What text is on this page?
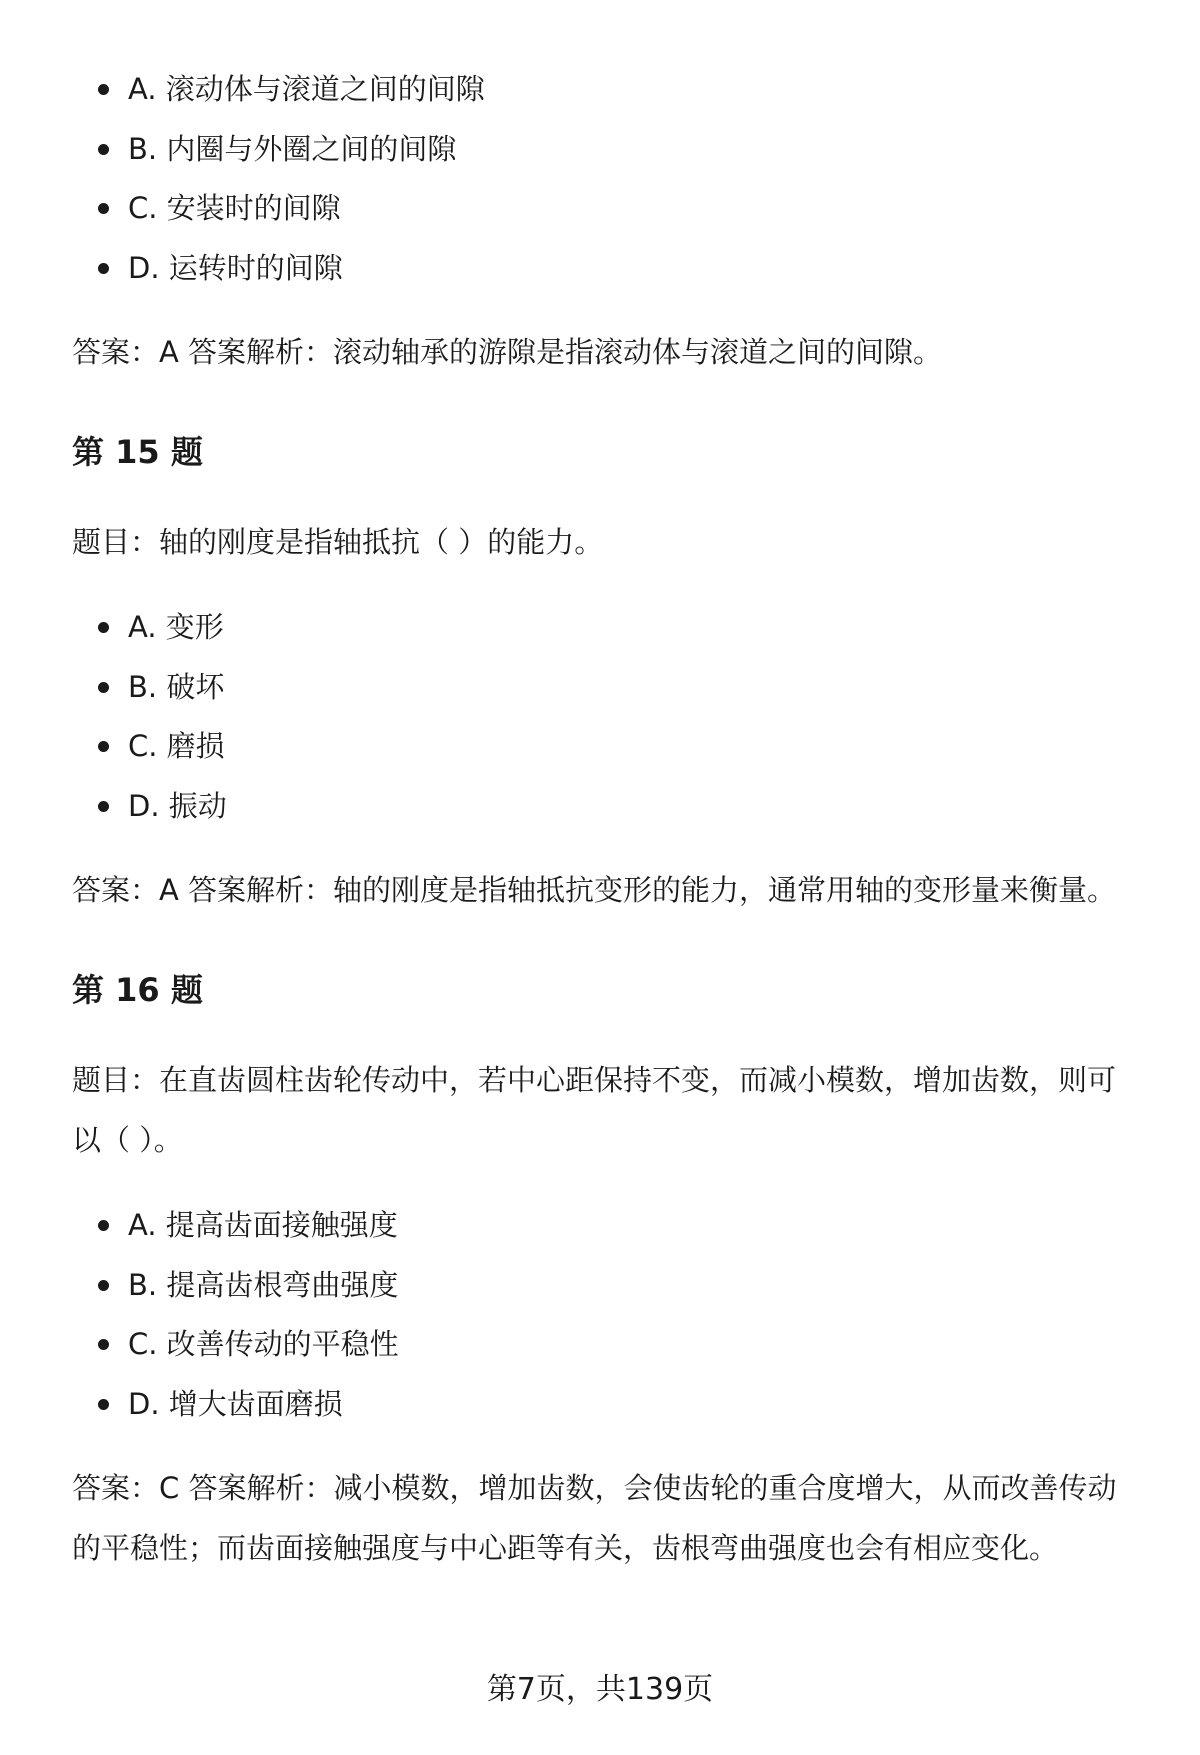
A. 滚动体与滚道之间的间隙
B. 内圈与外圈之间的间隙
C. 安装时的间隙
D. 运转时的间隙

答案：A 答案解析：滚动轴承的游隙是指滚动体与滚道之间的间隙。

第 15 题

题目：轴的刚度是指轴抵抗（ ）的能力。

A. 变形
B. 破坏
C. 磨损
D. 振动

答案：A 答案解析：轴的刚度是指轴抵抗变形的能力，通常用轴的变形量来衡量。

第 16 题

题目：在直齿圆柱齿轮传动中，若中心距保持不变，而减小模数，增加齿数，则可以（ ）。

A. 提高齿面接触强度
B. 提高齿根弯曲强度
C. 改善传动的平稳性
D. 增大齿面磨损

答案：C 答案解析：减小模数，增加齿数，会使齿轮的重合度增大，从而改善传动的平稳性；而齿面接触强度与中心距等有关，齿根弯曲强度也会有相应变化。

第7页，共139页
